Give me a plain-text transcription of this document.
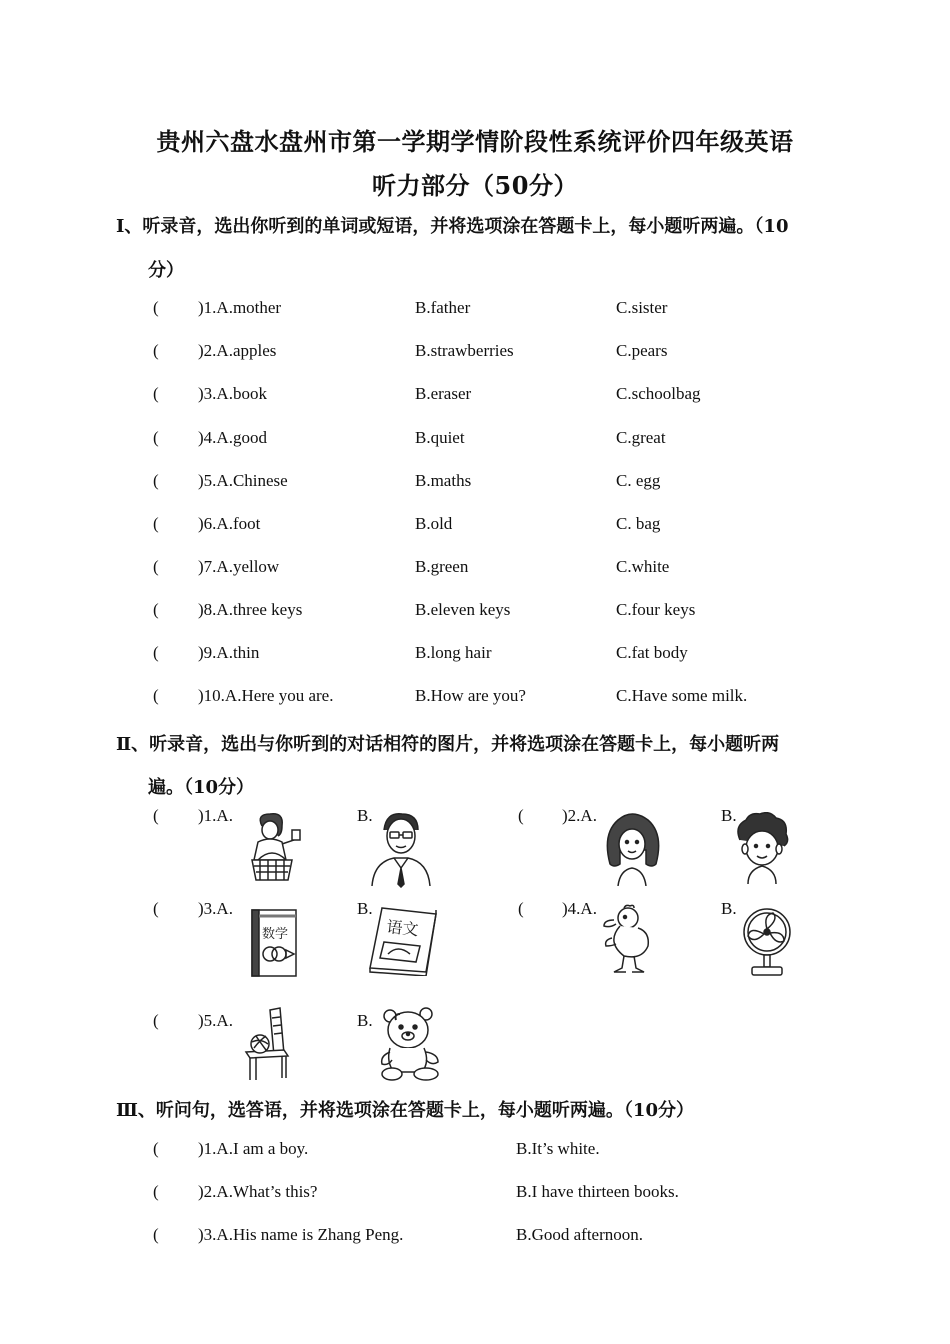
贵州六盘水盘州市第一学期学情阶段性系统评价四年级英语
听力部分（50分）
Ⅰ、听录音，选出你听到的单词或短语，并将选项涂在答题卡上，每小题听两遍。（10
分）
( )1.A.mother	B.father	C.sister
( )2.A.apples	B.strawberries	C.pears
( )3.A.book	B.eraser	C.schoolbag
( )4.A.good	B.quiet	C.great
( )5.A.Chinese	B.maths	C. egg
( )6.A.foot	B.old	C. bag
( )7.A.yellow	B.green	C.white
( )8.A.three keys	B.eleven keys	C.four keys
( )9.A.thin	B.long hair	C.fat body
( )10.A.Here you are.	B.How are you?	C.Have some milk.
Ⅱ、听录音，选出与你听到的对话相符的图片，并将选项涂在答题卡上，每小题听两
遍。（10分）
( )1.A.	B.	( )2.A.	B.
( )3.A.	B.	( )4.A.	B.
( )5.A.	B.
数学	语文
Ⅲ、听问句，选答语，并将选项涂在答题卡上，每小题听两遍。（10分）
( )1.A.I am a boy.	B.It’s white.
( )2.A.What’s this?	B.I have thirteen books.
( )3.A.His name is Zhang Peng.	B.Good afternoon.
